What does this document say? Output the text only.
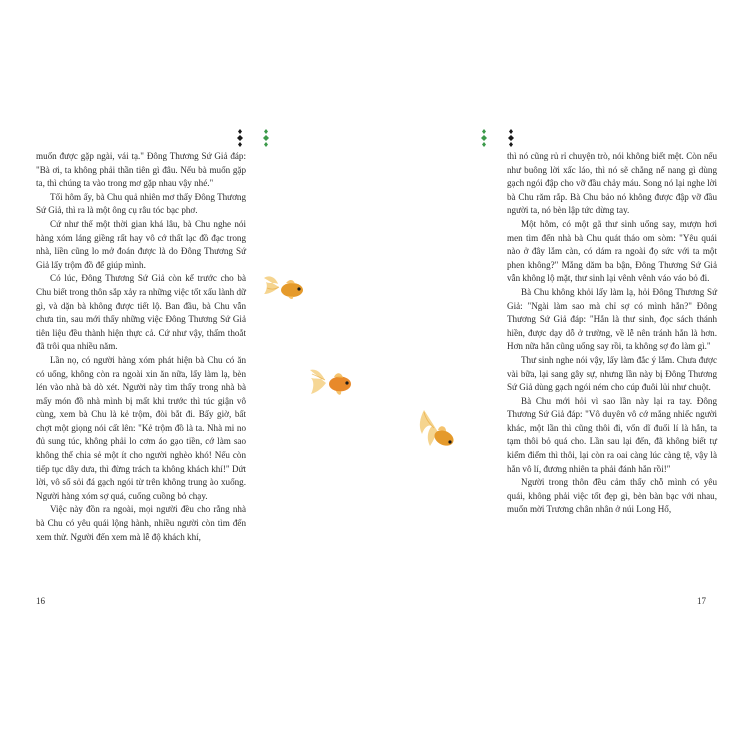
muốn được gặp ngài, vái tạ." Đông Thương Sứ Giả đáp: "Bà ơi, ta không phải thần tiên gì đâu. Nếu bà muốn gặp ta, thì chúng ta vào trong mơ gặp nhau vậy nhé."

Tối hôm ấy, bà Chu quả nhiên mơ thấy Đông Thương Sứ Giả, thì ra là một ông cụ râu tóc bạc phơ.

Cứ như thế một thời gian khá lâu, bà Chu nghe nói hàng xóm láng giềng rất hay vô cớ thất lạc đồ đạc trong nhà, liền cũng lo mở đoán được là do Đông Thương Sứ Giả lấy trộm đồ để giúp mình.

Có lúc, Đông Thương Sứ Giả còn kể trước cho bà Chu biết trong thôn sắp xảy ra những việc tốt xấu lành dữ gì, và dặn bà không được tiết lộ. Ban đầu, bà Chu vẫn chưa tin, sau mới thấy những việc Đông Thương Sứ Giả tiên liệu đều thành hiện thực cả. Cứ như vậy, thấm thoắt đã trôi qua nhiều năm.

Lần nọ, có người hàng xóm phát hiện bà Chu có ăn có uống, không còn ra ngoài xin ăn nữa, lấy làm lạ, bèn lén vào nhà bà dò xét. Người này tìm thấy trong nhà bà mấy món đồ nhà mình bị mất khi trước thì túc giận vô cùng, xem bà Chu là kẻ trộm, đòi bắt đi. Bấy giờ, bất chợt một giọng nói cất lên: "Kẻ trộm đồ là ta. Nhà mi no đủ sung túc, không phải lo cơm áo gạo tiền, cớ làm sao không thể chia sẻ một ít cho người nghèo khó! Nếu còn tiếp tục dây dưa, thì đừng trách ta không khách khí!" Dứt lời, vô số sỏi đá gạch ngói từ trên không trung ào xuống. Người hàng xóm sợ quá, cuống cuồng bỏ chạy.

Việc này đồn ra ngoài, mọi người đều cho rằng nhà bà Chu có yêu quái lộng hành, nhiều người còn tìm đến xem thử. Người đến xem mà lễ độ khách khí,

thì nó cũng rủ rỉ chuyện trò, nói không biết mệt. Còn nếu như buông lời xấc láo, thì nó sẽ chẳng nể nang gì dùng gạch ngói đập cho vỡ đầu chảy máu. Song nó lại nghe lời bà Chu răm rắp. Bà Chu bảo nó không được đập vỡ đầu người ta, nó bèn lập tức dừng tay.

Một hôm, có một gã thư sinh uống say, mượn hơi men tìm đến nhà bà Chu quát tháo om sòm: "Yêu quái nào ở đây lắm càn, có dám ra ngoài đọ sức với ta một phen không?" Mắng dăm ba bận, Đông Thương Sứ Giả vẫn không lộ mặt, thư sinh lại vênh vênh váo váo bỏ đi.

Bà Chu không khỏi lấy làm lạ, hỏi Đông Thương Sứ Giả: "Ngài làm sao mà chỉ sợ có mình hắn?" Đông Thương Sứ Giả đáp: "Hắn là thư sinh, đọc sách thánh hiền, được dạy dỗ ở trường, về lễ nên tránh hắn là hơn. Hơn nữa hắn cũng uống say rồi, ta không sợ đo làm gì."

Thư sinh nghe nói vậy, lấy làm đắc ý lắm. Chưa được vài bữa, lại sang gây sự, nhưng lần này bị Đông Thương Sứ Giả dùng gạch ngói ném cho cúp đuôi lủi như chuột.

Bà Chu mới hỏi vì sao lần này lại ra tay. Đông Thương Sứ Giả đáp: "Vô duyên vô cớ mắng nhiếc người khác, một lần thì cũng thôi đi, vốn dĩ đuối lí là hắn, ta tạm thôi bỏ quá cho. Lần sau lại đến, đã không biết tự kiểm điểm thì thôi, lại còn ra oai càng lúc càng tệ, vậy là hắn vô lí, đương nhiên ta phải đánh hắn rồi!"

Người trong thôn đều cảm thấy chỗ mình có yêu quái, không phải việc tốt đẹp gì, bèn bàn bạc với nhau, muốn mời Trương chân nhân ở núi Long Hổ,

16	17
